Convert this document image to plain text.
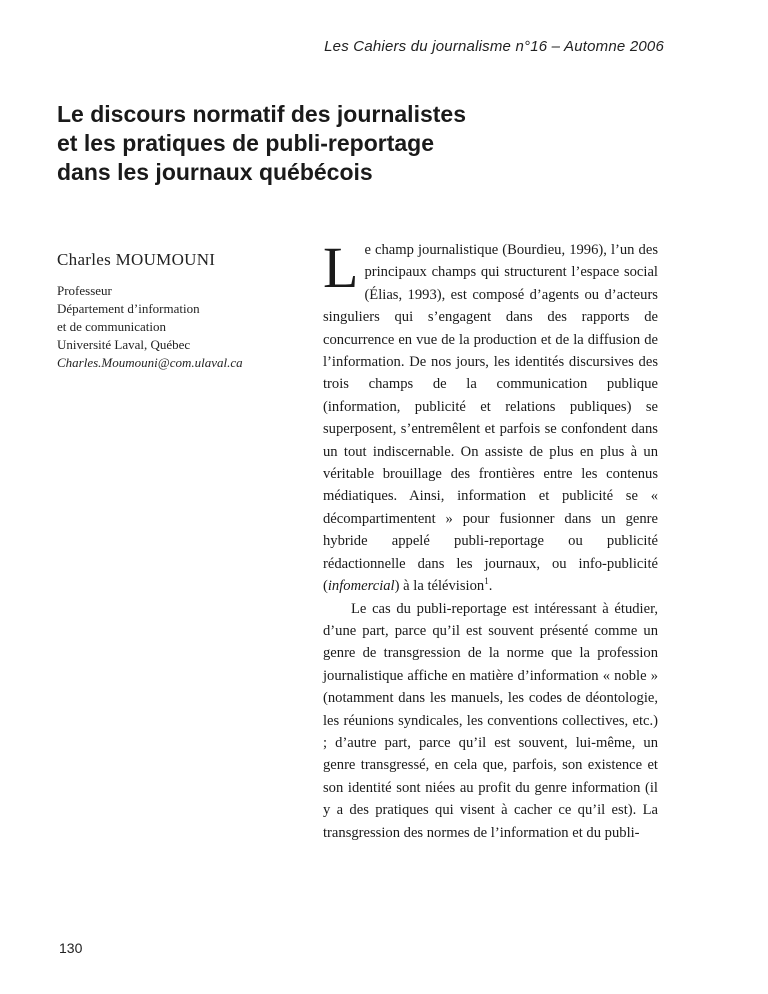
Les Cahiers du journalisme n°16 – Automne 2006
Le discours normatif des journalistes
et les pratiques de publi-reportage
dans les journaux québécois
Charles MOUMOUNI
Professeur
Département d’information
et de communication
Université Laval, Québec
Charles.Moumouni@com.ulaval.ca

Le champ journalistique (Bourdieu, 1996), l’un des principaux champs qui structurent l’espace social (Élias, 1993), est composé d’agents ou d’acteurs singuliers qui s’engagent dans des rapports de concurrence en vue de la production et de la diffusion de l’information. De nos jours, les identités discursives des trois champs de la communication publique (information, publicité et relations publiques) se superposent, s’entremêlent et parfois se confondent dans un tout indiscernable. On assiste de plus en plus à un véritable brouillage des frontières entre les contenus médiatiques. Ainsi, information et publicité se « décompartimentent » pour fusionner dans un genre hybride appelé publi-reportage ou publicité rédactionnelle dans les journaux, ou info-publicité (infomercial) à la télévision$^1$.

Le cas du publi-reportage est intéressant à étudier, d’une part, parce qu’il est souvent présenté comme un genre de transgression de la norme que la profession journalistique affiche en matière d’information « noble » (notamment dans les manuels, les codes de déontologie, les réunions syndicales, les conventions collectives, etc.) ; d’autre part, parce qu’il est souvent, lui-même, un genre transgressé, en cela que, parfois, son existence et son identité sont niées au profit du genre information (il y a des pratiques qui visent à cacher ce qu’il est). La transgression des normes de l’information et du publi-

130
